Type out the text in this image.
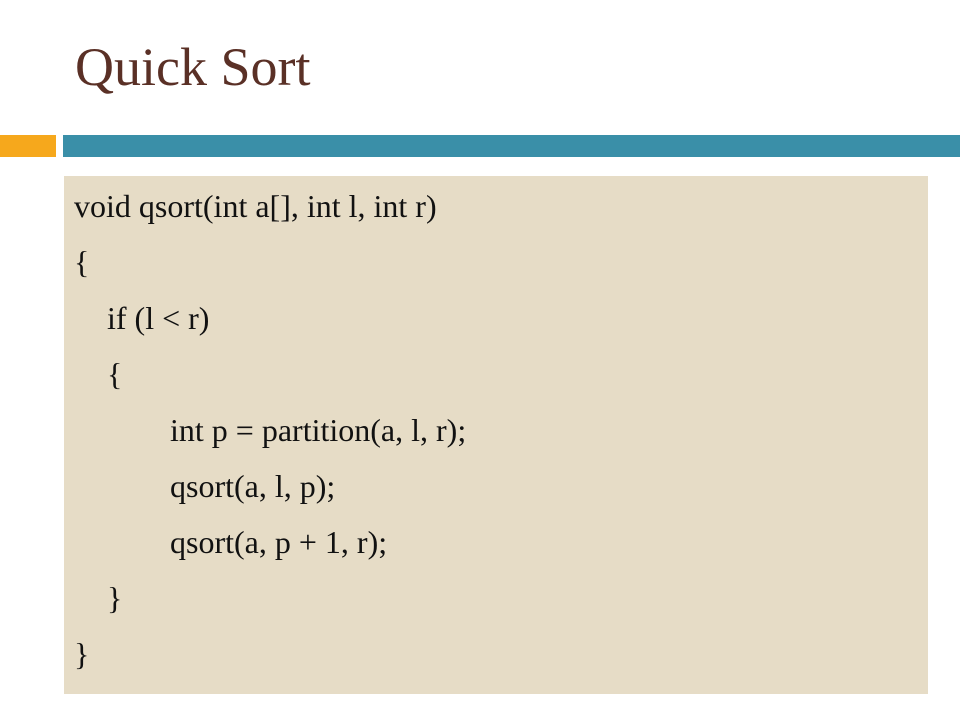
Quick Sort
void qsort(int a[], int l, int r)
{
if (l < r)
{
int p = partition(a, l, r);
qsort(a, l, p);
qsort(a, p + 1, r);
}
}
